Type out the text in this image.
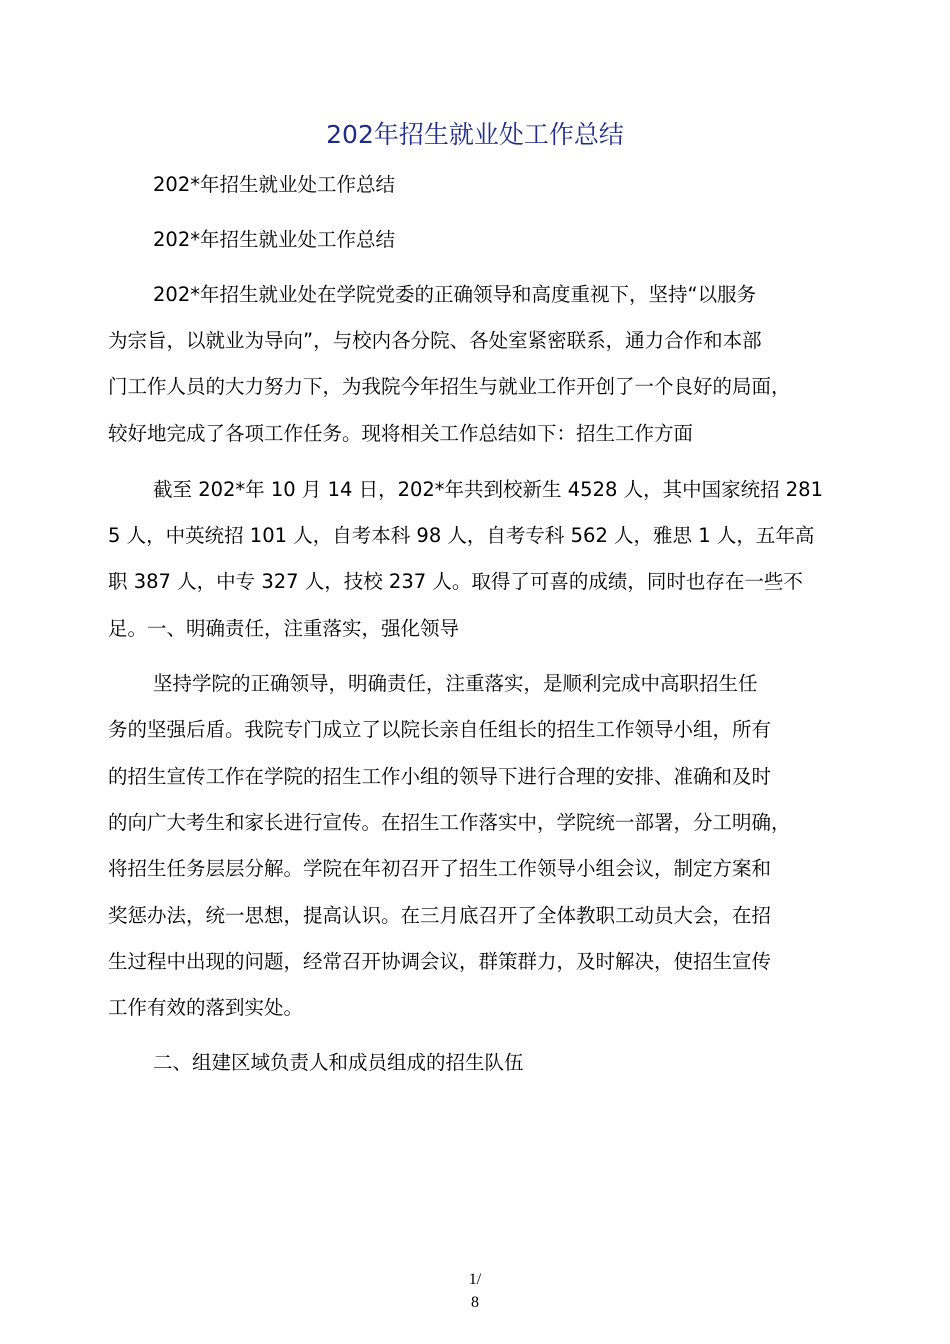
202年招生就业处工作总结
202*年招生就业处工作总结
202*年招生就业处工作总结
202*年招生就业处在学院党委的正确领导和高度重视下，坚持“以服务
为宗旨，以就业为导向”，与校内各分院、各处室紧密联系，通力合作和本部
门工作人员的大力努力下，为我院今年招生与就业工作开创了一个良好的局面，
较好地完成了各项工作任务。现将相关工作总结如下：招生工作方面
截至 202*年 10 月 14 日，202*年共到校新生 4528 人，其中国家统招 281
5 人，中英统招 101 人，自考本科 98 人，自考专科 562 人，雅思 1 人，五年高
职 387 人，中专 327 人，技校 237 人。取得了可喜的成绩，同时也存在一些不
足。一、明确责任，注重落实，强化领导
坚持学院的正确领导，明确责任，注重落实，是顺利完成中高职招生任
务的坚强后盾。我院专门成立了以院长亲自任组长的招生工作领导小组，所有
的招生宣传工作在学院的招生工作小组的领导下进行合理的安排、准确和及时
的向广大考生和家长进行宣传。在招生工作落实中，学院统一部署，分工明确，
将招生任务层层分解。学院在年初召开了招生工作领导小组会议，制定方案和
奖惩办法，统一思想，提高认识。在三月底召开了全体教职工动员大会，在招
生过程中出现的问题，经常召开协调会议，群策群力，及时解决，使招生宣传
工作有效的落到实处。
二、组建区域负责人和成员组成的招生队伍
1/
8
